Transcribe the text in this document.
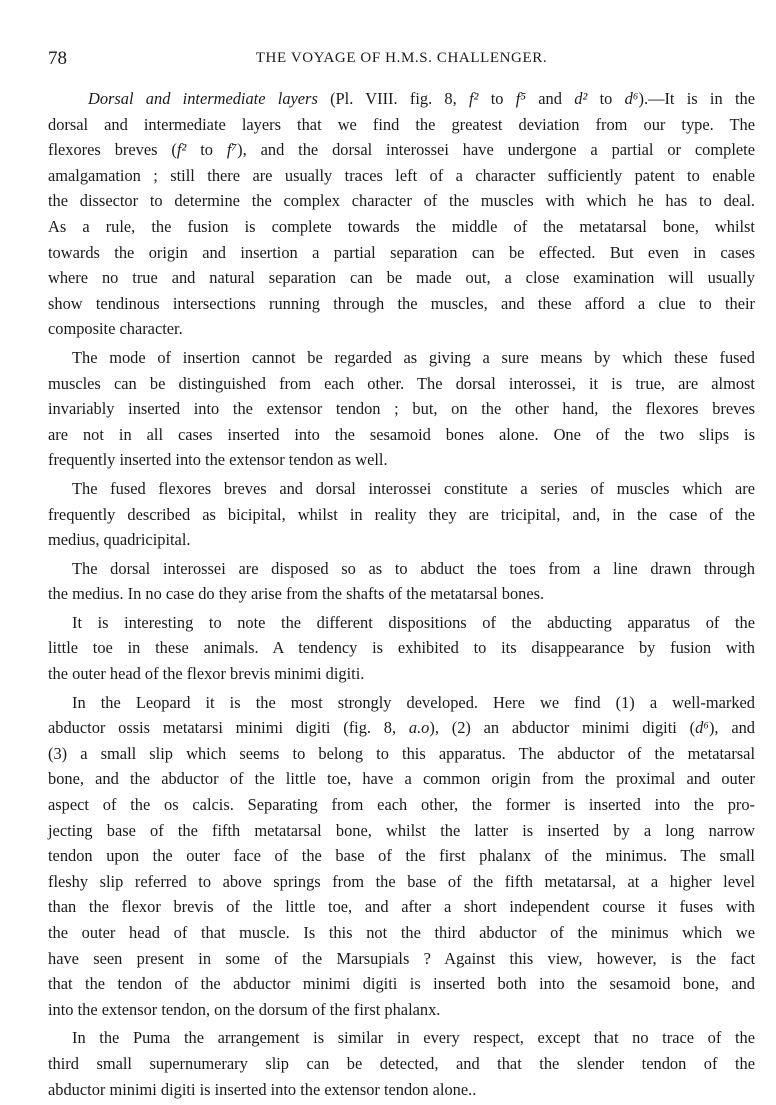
78	THE VOYAGE OF H.M.S. CHALLENGER.
Dorsal and intermediate layers (Pl. VIII. fig. 8, f² to f⁵ and d² to d⁶).—It is in the
dorsal and intermediate layers that we find the greatest deviation from our type. The
flexores breves (f² to f⁷), and the dorsal interossei have undergone a partial or complete
amalgamation ; still there are usually traces left of a character sufficiently patent to enable
the dissector to determine the complex character of the muscles with which he has to deal.
As a rule, the fusion is complete towards the middle of the metatarsal bone, whilst
towards the origin and insertion a partial separation can be effected. But even in cases
where no true and natural separation can be made out, a close examination will usually
show tendinous intersections running through the muscles, and these afford a clue to their
composite character.
The mode of insertion cannot be regarded as giving a sure means by which these fused
muscles can be distinguished from each other. The dorsal interossei, it is true, are almost
invariably inserted into the extensor tendon ; but, on the other hand, the flexores breves
are not in all cases inserted into the sesamoid bones alone. One of the two slips is
frequently inserted into the extensor tendon as well.
The fused flexores breves and dorsal interossei constitute a series of muscles which are
frequently described as bicipital, whilst in reality they are tricipital, and, in the case of the
medius, quadricipital.
The dorsal interossei are disposed so as to abduct the toes from a line drawn through
the medius. In no case do they arise from the shafts of the metatarsal bones.
It is interesting to note the different dispositions of the abducting apparatus of the
little toe in these animals. A tendency is exhibited to its disappearance by fusion with
the outer head of the flexor brevis minimi digiti.
In the Leopard it is the most strongly developed. Here we find (1) a well-marked
abductor ossis metatarsi minimi digiti (fig. 8, a.o), (2) an abductor minimi digiti (d⁶), and
(3) a small slip which seems to belong to this apparatus. The abductor of the metatarsal
bone, and the abductor of the little toe, have a common origin from the proximal and outer
aspect of the os calcis. Separating from each other, the former is inserted into the pro-
jecting base of the fifth metatarsal bone, whilst the latter is inserted by a long narrow
tendon upon the outer face of the base of the first phalanx of the minimus. The small
fleshy slip referred to above springs from the base of the fifth metatarsal, at a higher level
than the flexor brevis of the little toe, and after a short independent course it fuses with
the outer head of that muscle. Is this not the third abductor of the minimus which we
have seen present in some of the Marsupials ? Against this view, however, is the fact
that the tendon of the abductor minimi digiti is inserted both into the sesamoid bone, and
into the extensor tendon, on the dorsum of the first phalanx.
In the Puma the arrangement is similar in every respect, except that no trace of the
third small supernumerary slip can be detected, and that the slender tendon of the
abductor minimi digiti is inserted into the extensor tendon alone..
